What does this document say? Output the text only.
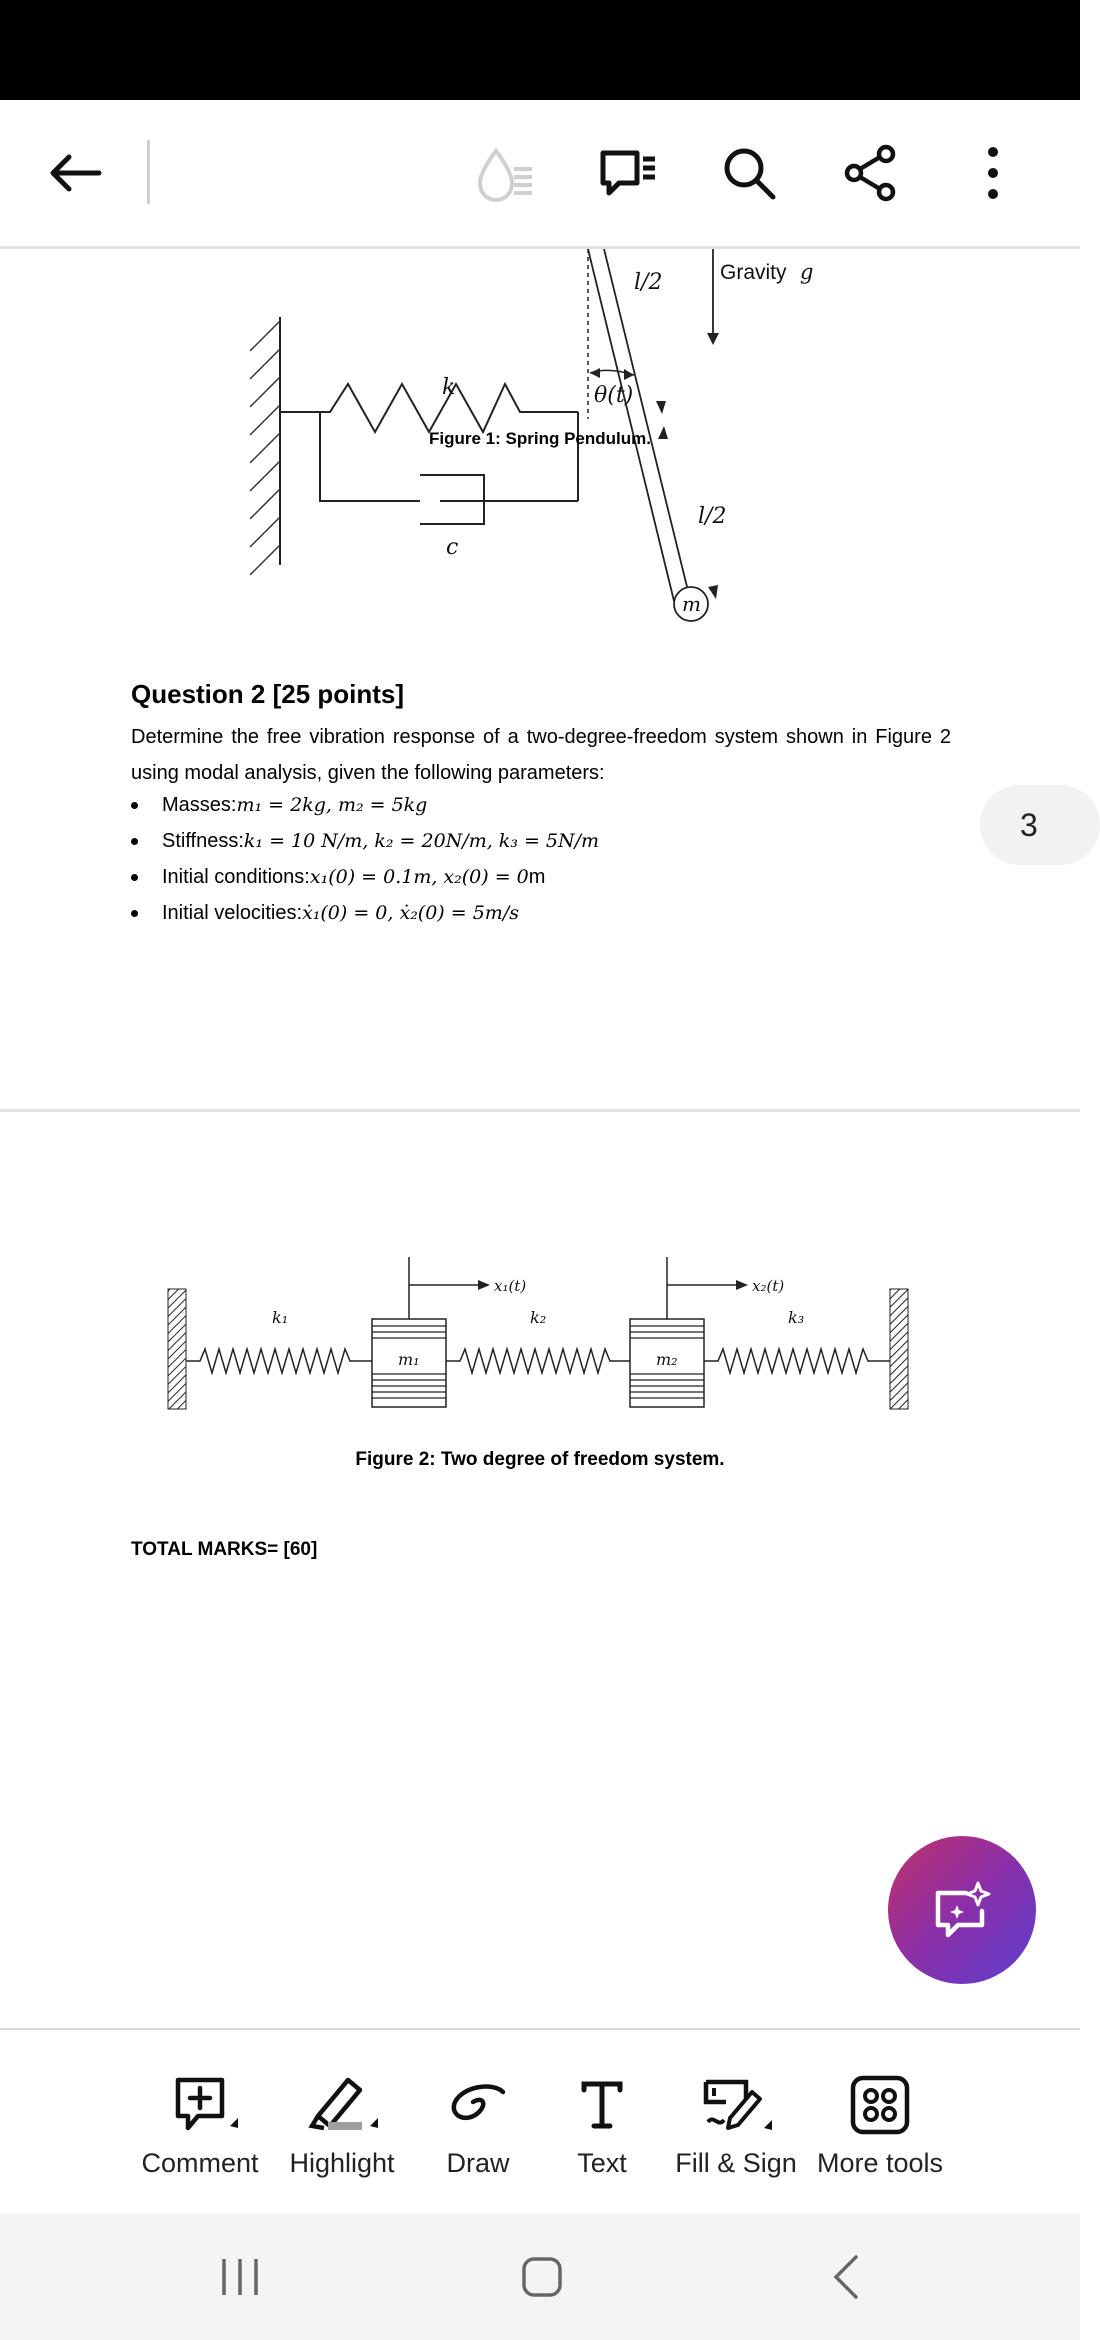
k
c
l/2
l/2
θ(t)
Gravity g
m
Figure 1: Spring Pendulum.
Question 2 [25 points]
Determine the free vibration response of a two-degree-freedom system shown in Figure 2
using modal analysis, given the following parameters:
Masses: m₁ = 2kg, m₂ = 5kg
Stiffness: k₁ = 10 N/m, k₂ = 20N/m, k₃ = 5N/m
Initial conditions: x₁(0) = 0.1m, x₂(0) = 0 m
Initial velocities: ẋ₁(0) = 0, ẋ₂(0) = 5m/s
k₁	k₂	k₃
m₁	m₂
x₁(t)	x₂(t)
Figure 2: Two degree of freedom system.
TOTAL MARKS= [60]
3
Comment Highlight Draw	Text Fill & Sign More tools
